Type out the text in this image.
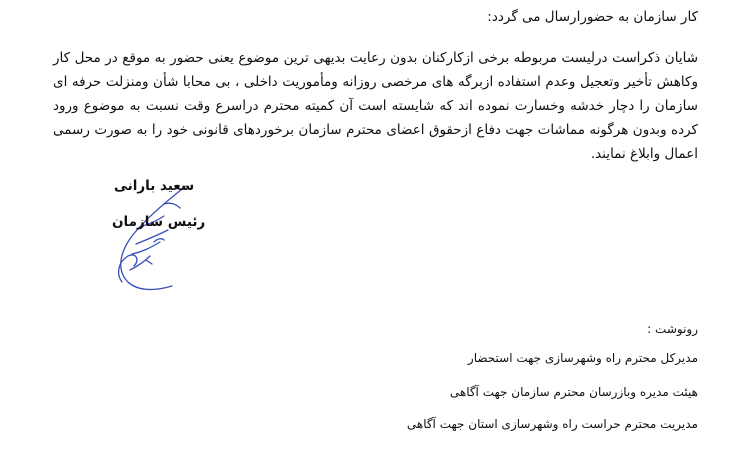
کار سازمان به حضورارسال می گردد:
شایان ذکراست درلیست مربوطه برخی ازکارکنان بدون رعایت بدیهی ترین موضوع یعنی حضور به موقع در محل کار وکاهش تأخیر وتعجیل وعدم استفاده ازبرگه های مرخصی روزانه ومأموریت داخلی ، بی محابا شأن ومنزلت حرفه ای سازمان را دچار خدشه وخسارت نموده اند که شایسته است آن کمیته محترم دراسرع وقت نسبت به موضوع ورود کرده وبدون هرگونه مماشات جهت دفاع ازحقوق اعضای محترم سازمان برخوردهای قانونی خود را به صورت رسمی اعمال وابلاغ نمایند.
سعید بارانی
رئیس سازمان
رونوشت :
مدیرکل محترم راه وشهرسازی جهت استحضار
هیئت مدیره وبازرسان محترم سازمان جهت آگاهی
مدیریت محترم حراست راه وشهرسازی استان جهت آگاهی
